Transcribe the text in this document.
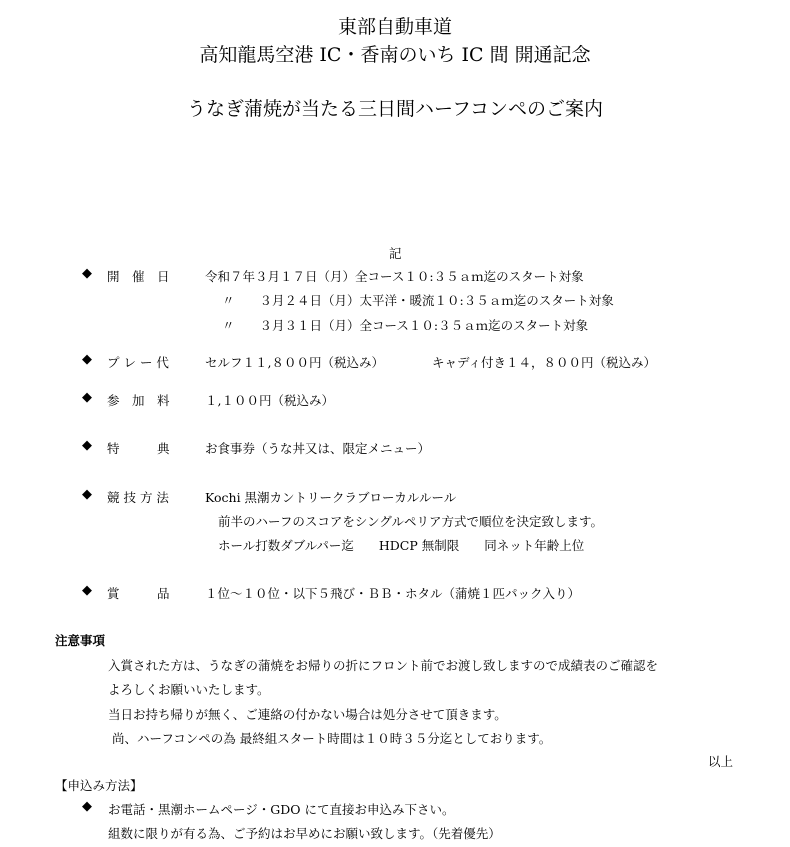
東部自動車道
高知龍馬空港 IC・香南のいち IC 間 開通記念
うなぎ蒲焼が当たる三日間ハーフコンペのご案内
記
◆ 開　催　日	令和７年３月１７日（月）全コース１０:３５ａｍ迄のスタート対象
〃　　３月２４日（月）太平洋・暖流１０:３５ａｍ迄のスタート対象
〃　　３月３１日（月）全コース１０:３５ａｍ迄のスタート対象
◆ プ レ ー 代	セルフ１１,８００円（税込み）	キャディ付き１４，８００円（税込み）
◆ 参　加　料	１,１００円（税込み）
◆ 特　　　典	お食事券（うな丼又は、限定メニュー）
◆ 競 技 方 法	Kochi 黒潮カントリークラブローカルルール
前半のハーフのスコアをシングルペリア方式で順位を決定致します。
ホール打数ダブルパー迄　　HDCP 無制限　　同ネット年齢上位
◆ 賞　　　品	１位～１０位・以下５飛び・ＢＢ・ホタル（蒲焼１匹パック入り）
注意事項
入賞された方は、うなぎの蒲焼をお帰りの折にフロント前でお渡し致しますので成績表のご確認を
よろしくお願いいたします。
当日お持ち帰りが無く、ご連絡の付かない場合は処分させて頂きます。
尚、ハーフコンペの為 最終組スタート時間は１０時３５分迄としております。
以上
【申込み方法】
◆ お電話・黒潮ホームページ・GDO にて直接お申込み下さい。
組数に限りが有る為、ご予約はお早めにお願い致します。（先着優先）
